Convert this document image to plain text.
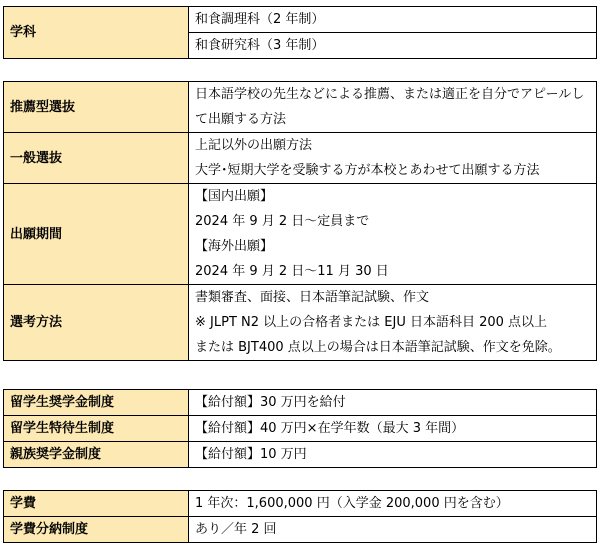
学科	和食調理科（2 年制）
和食研究科（3 年制）
推薦型選抜	日本語学校の先生などによる推薦、または適正を自分でアピールし
て出願する方法

一般選抜	上記以外の出願方法
大学･短期大学を受験する方が本校とあわせて出願する方法

出願期間	【国内出願】
2024 年 9 月 2 日～定員まで
【海外出願】
2024 年 9 月 2 日～11 月 30 日

選考方法	書類審査、面接、日本語筆記試験、作文
※ JLPT N2 以上の合格者または EJU 日本語科目 200 点以上
または BJT400 点以上の場合は日本語筆記試験、作文を免除。
留学生奨学金制度	【給付額】30 万円を給付
留学生特待生制度	【給付額】40 万円×在学年数（最大 3 年間）
親族奨学金制度	【給付額】10 万円
学費	1 年次：1,600,000 円（入学金 200,000 円を含む）
学費分納制度	あり／年 2 回
